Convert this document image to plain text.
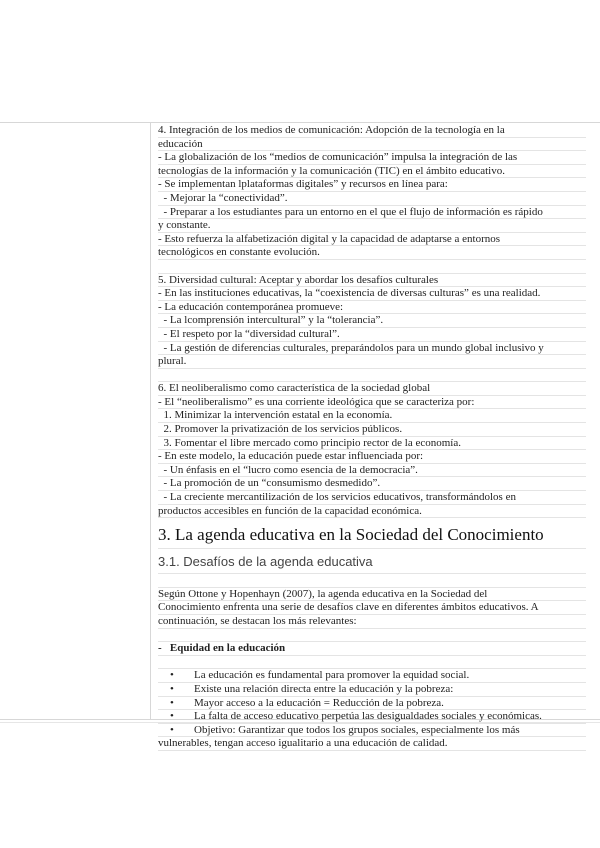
4. Integración de los medios de comunicación: Adopción de la tecnología en la
educación
- La globalización de los “medios de comunicación” impulsa la integración de las
tecnologías de la información y la comunicación (TIC) en el ámbito educativo.
- Se implementan lplataformas digitales” y recursos en línea para:
- Mejorar la “conectividad”.
- Preparar a los estudiantes para un entorno en el que el flujo de información es rápido
y constante.
- Esto refuerza la alfabetización digital y la capacidad de adaptarse a entornos
tecnológicos en constante evolución.
5. Diversidad cultural: Aceptar y abordar los desafíos culturales
- En las instituciones educativas, la “coexistencia de diversas culturas” es una realidad.
- La educación contemporánea promueve:
- La lcomprensión intercultural” y la “tolerancia”.
- El respeto por la “diversidad cultural”.
- La gestión de diferencias culturales, preparándolos para un mundo global inclusivo y
plural.
6. El neoliberalismo como característica de la sociedad global
- El “neoliberalismo” es una corriente ideológica que se caracteriza por:
1. Minimizar la intervención estatal en la economía.
2. Promover la privatización de los servicios públicos.
3. Fomentar el libre mercado como principio rector de la economía.
- En este modelo, la educación puede estar influenciada por:
- Un énfasis en el “lucro como esencia de la democracia”.
- La promoción de un “consumismo desmedido”.
- La creciente mercantilización de los servicios educativos, transformándolos en
productos accesibles en función de la capacidad económica.
3. La agenda educativa en la Sociedad del Conocimiento
3.1. Desafíos de la agenda educativa
Según Ottone y Hopenhayn (2007), la agenda educativa en la Sociedad del
Conocimiento enfrenta una serie de desafíos clave en diferentes ámbitos educativos. A
continuación, se destacan los más relevantes:
-   Equidad en la educación
• La educación es fundamental para promover la equidad social.
• Existe una relación directa entre la educación y la pobreza:
• Mayor acceso a la educación = Reducción de la pobreza.
• La falta de acceso educativo perpetúa las desigualdades sociales y económicas.
• Objetivo: Garantizar que todos los grupos sociales, especialmente los más
vulnerables, tengan acceso igualitario a una educación de calidad.
